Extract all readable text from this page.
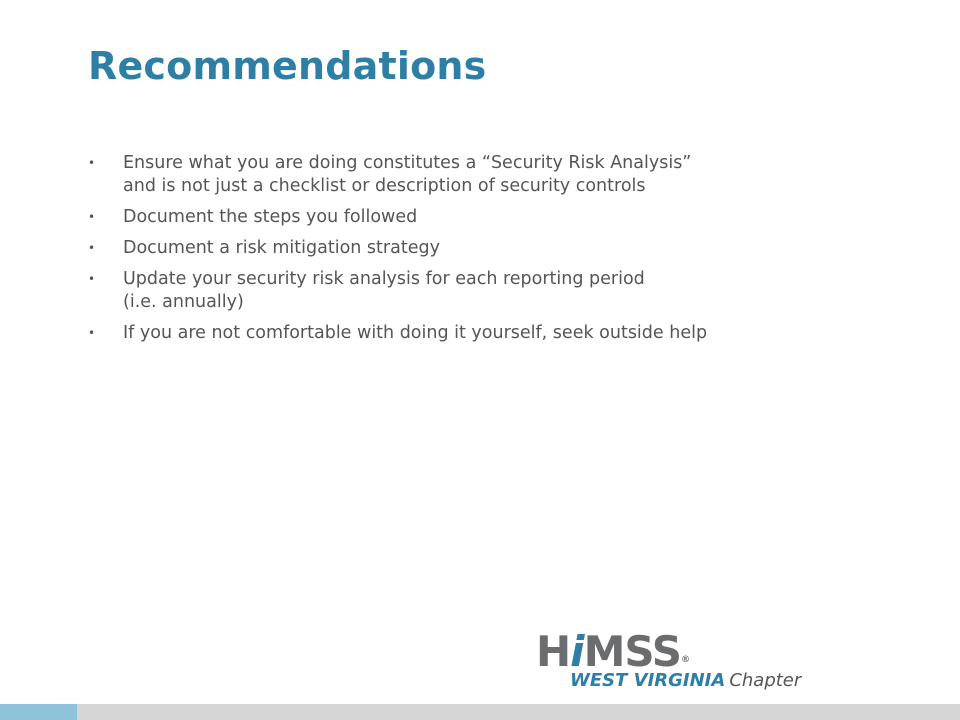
Recommendations
• Ensure what you are doing constitutes a “Security Risk Analysis”
and is not just a checklist or description of security controls
• Document the steps you followed
• Document a risk mitigation strategy
• Update your security risk analysis for each reporting period
(i.e. annually)
• If you are not comfortable with doing it yourself, seek outside help
HiMSS®
WEST VIRGINIA Chapter
